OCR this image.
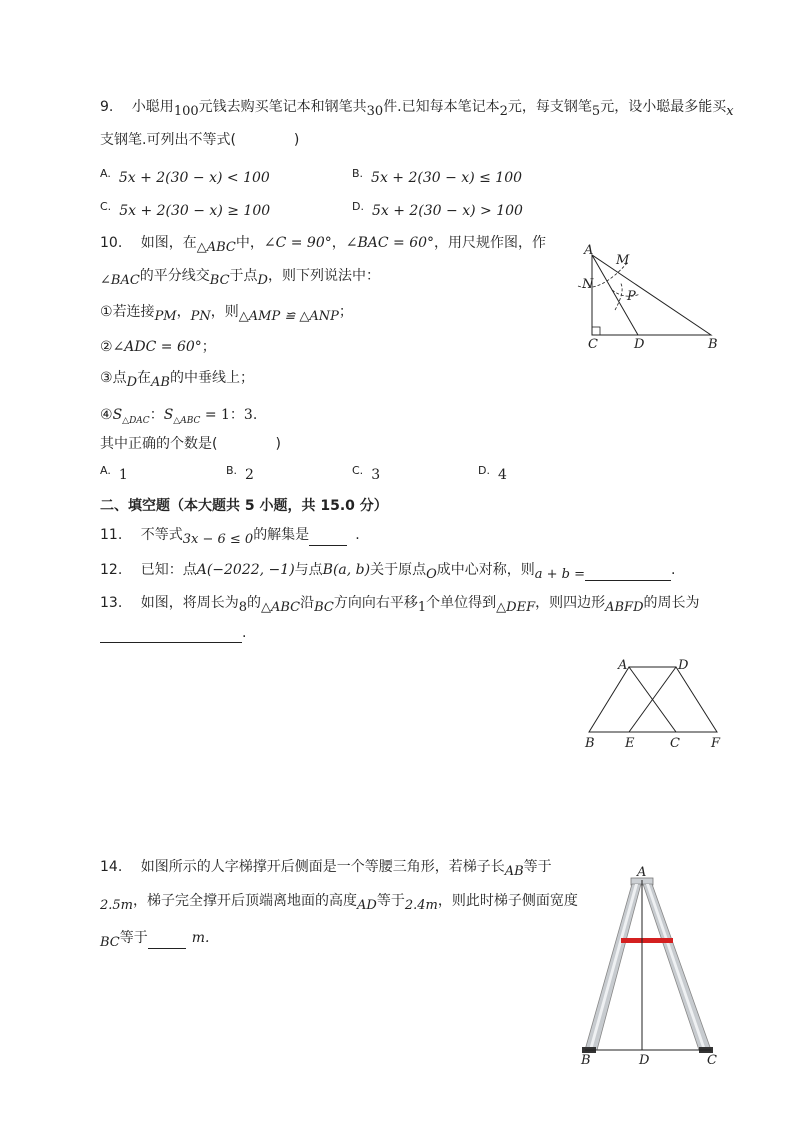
9. 小聪用100元钱去购买笔记本和钢笔共30件.已知每本笔记本2元，每支钢笔5元，设小聪最多能买x
支钢笔.可列出不等式(	)
$^{A.}$ 5x + 2(30 − x) < 100	$^{B.}$ 5x + 2(30 − x) ≤ 100
$^{C.}$ 5x + 2(30 − x) ≥ 100	$^{D.}$ 5x + 2(30 − x) > 100
10. 如图，在△ABC中，∠C = 90°，∠BAC = 60°，用尺规作图，作
∠BAC的平分线交BC于点D，则下列说法中：
①若连接PM，PN，则△AMP ≌ △ANP；
②∠ADC = 60°；
③点D在AB的中垂线上；
$④S_{\triangle DAC}$：$S_{\triangle ABC} = 1$：3.
其中正确的个数是(	)
$^{A.}$ 1	$^{B.}$ 2	$^{C.}$ 3	$^{D.}$ 4
A
M
N
P
C	D	B
二、填空题（本大题共 5 小题，共 15.0 分）
11. 不等式3x − 6 ≤ 0的解集是	.
12. 已知：点A(−2022, −1)与点B(a, b)关于原点O成中心对称，则a + b =	.
13. 如图，将周长为8的△ABC沿BC方向向右平移1个单位得到△DEF，则四边形ABFD的周长为
.
A	D
B E	C F
14. 如图所示的人字梯撑开后侧面是一个等腰三角形，若梯子长AB等于
2.5m，梯子完全撑开后顶端离地面的高度AD等于2.4m，则此时梯子侧面宽度
BC等于	m.
A
B	D	C
